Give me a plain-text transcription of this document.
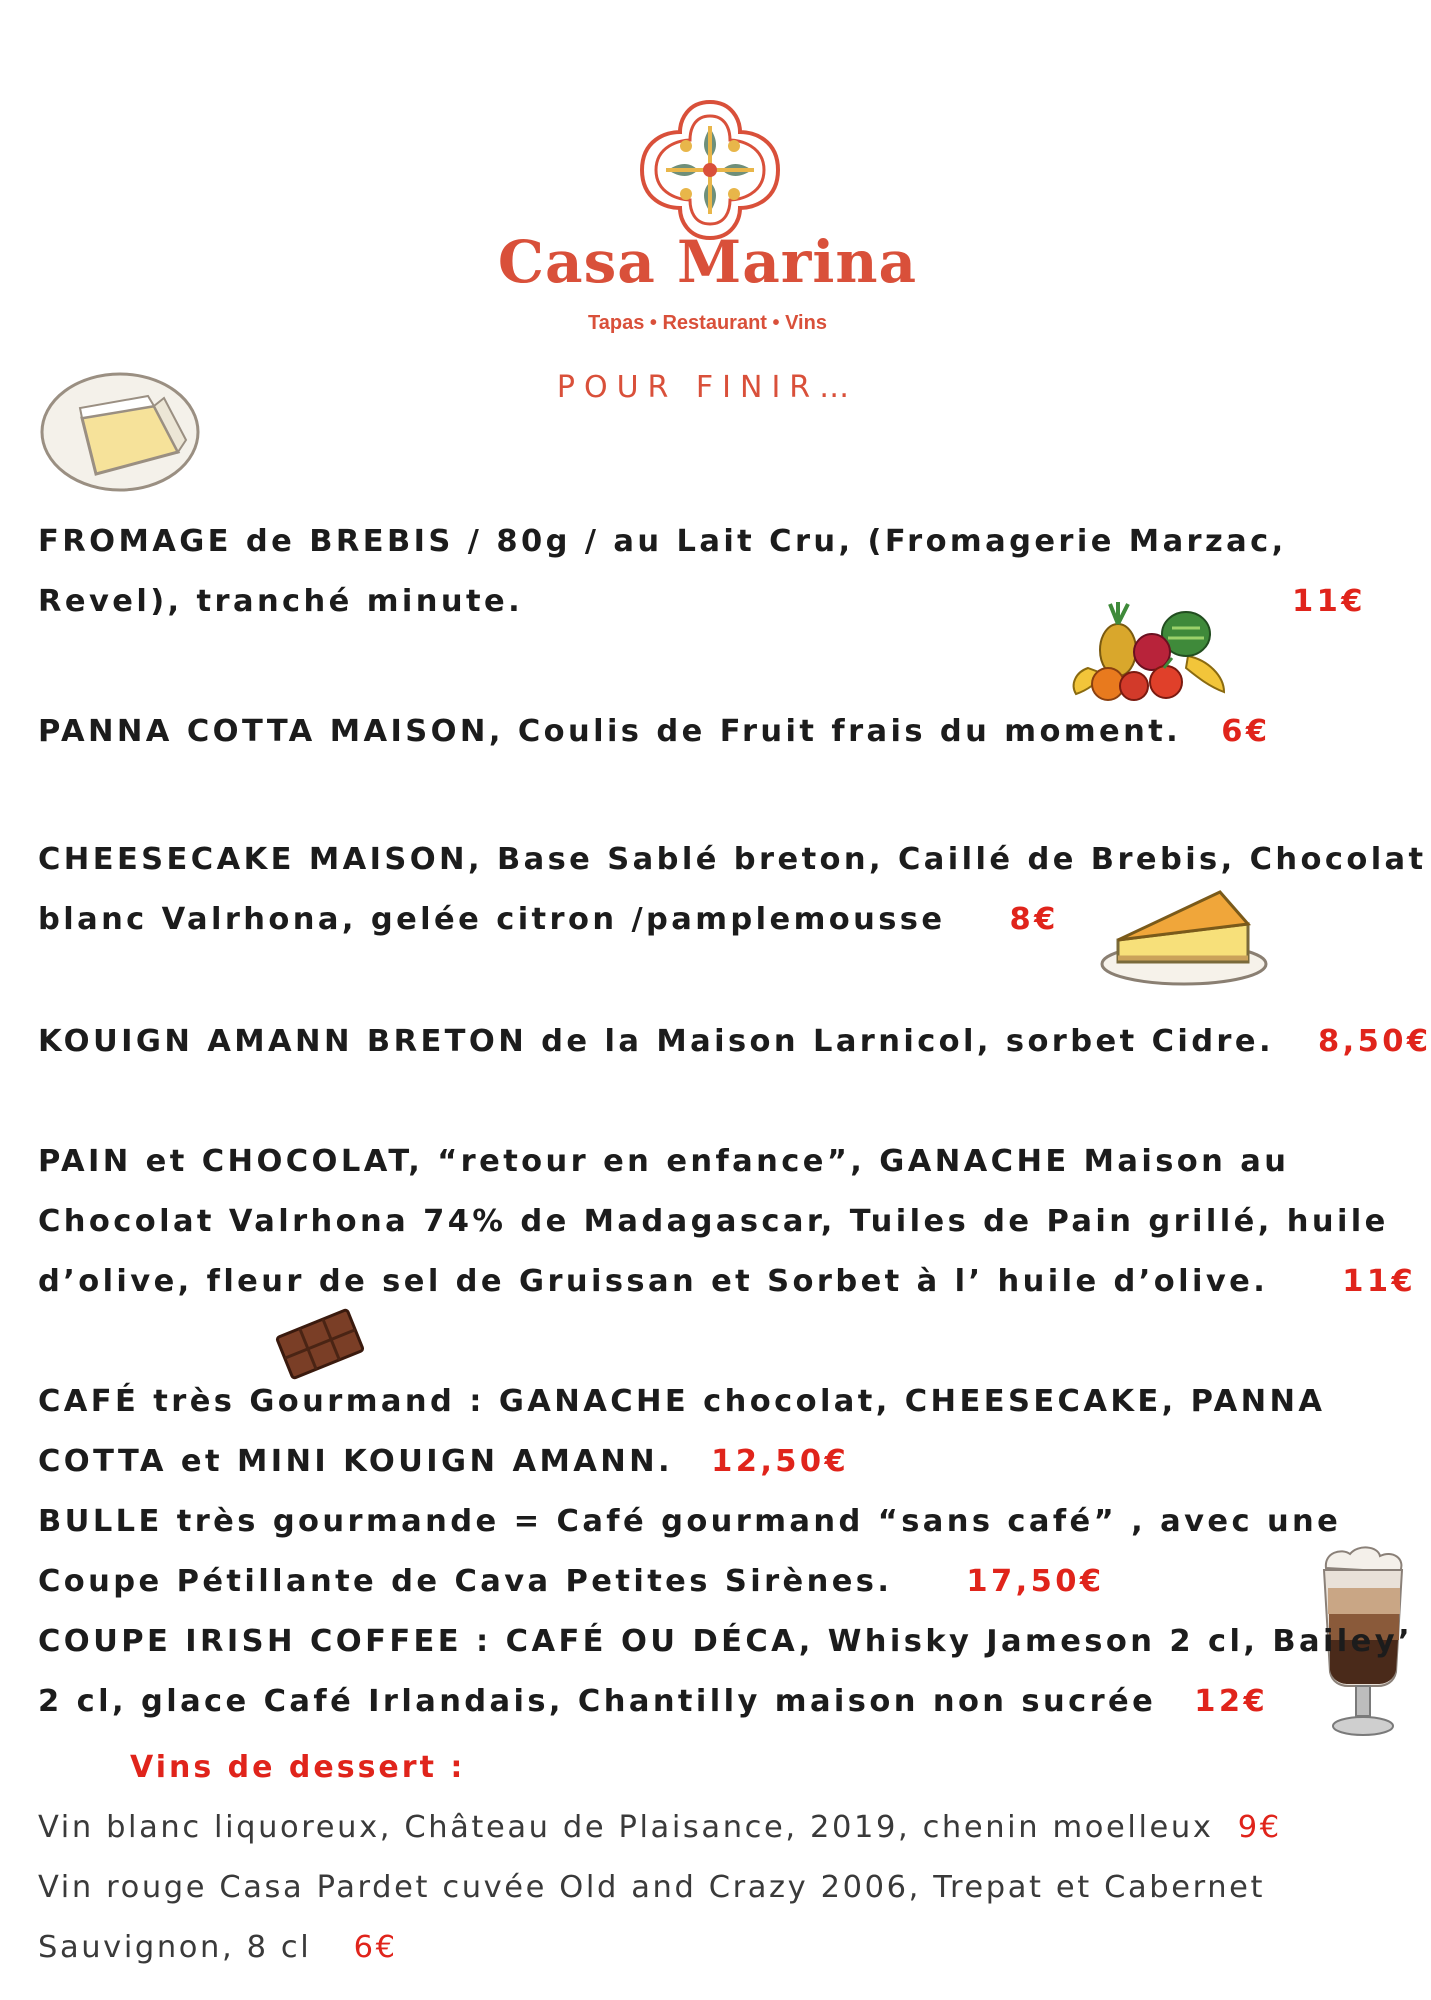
Casa Marina
Tapas • Restaurant • Vins
POUR FINIR…
FROMAGE de BREBIS / 80g / au Lait Cru, (Fromagerie Marzac,
Revel), tranché minute.	11€
PANNA COTTA MAISON, Coulis de Fruit frais du moment. 6€
CHEESECAKE MAISON, Base Sablé breton, Caillé de Brebis, Chocolat
blanc Valrhona, gelée citron /pamplemousse 8€
KOUIGN AMANN BRETON de la Maison Larnicol, sorbet Cidre. 8,50€
PAIN et CHOCOLAT, “retour en enfance”, GANACHE Maison au
Chocolat Valrhona 74% de Madagascar, Tuiles de Pain grillé, huile
d’olive, fleur de sel de Gruissan et Sorbet à l’ huile d’olive. 11€
CAFÉ très Gourmand : GANACHE chocolat, CHEESECAKE, PANNA
COTTA et MINI KOUIGN AMANN. 12,50€
BULLE très gourmande = Café gourmand “sans café” , avec une
Coupe Pétillante de Cava Petites Sirènes. 17,50€
COUPE IRISH COFFEE : CAFÉ OU DÉCA, Whisky Jameson 2 cl, Bailey’
2 cl, glace Café Irlandais, Chantilly maison non sucrée 12€
Vins de dessert :
Vin blanc liquoreux, Château de Plaisance, 2019, chenin moelleux 9€
Vin rouge Casa Pardet cuvée Old and Crazy 2006, Trepat et Cabernet
Sauvignon, 8 cl 6€
